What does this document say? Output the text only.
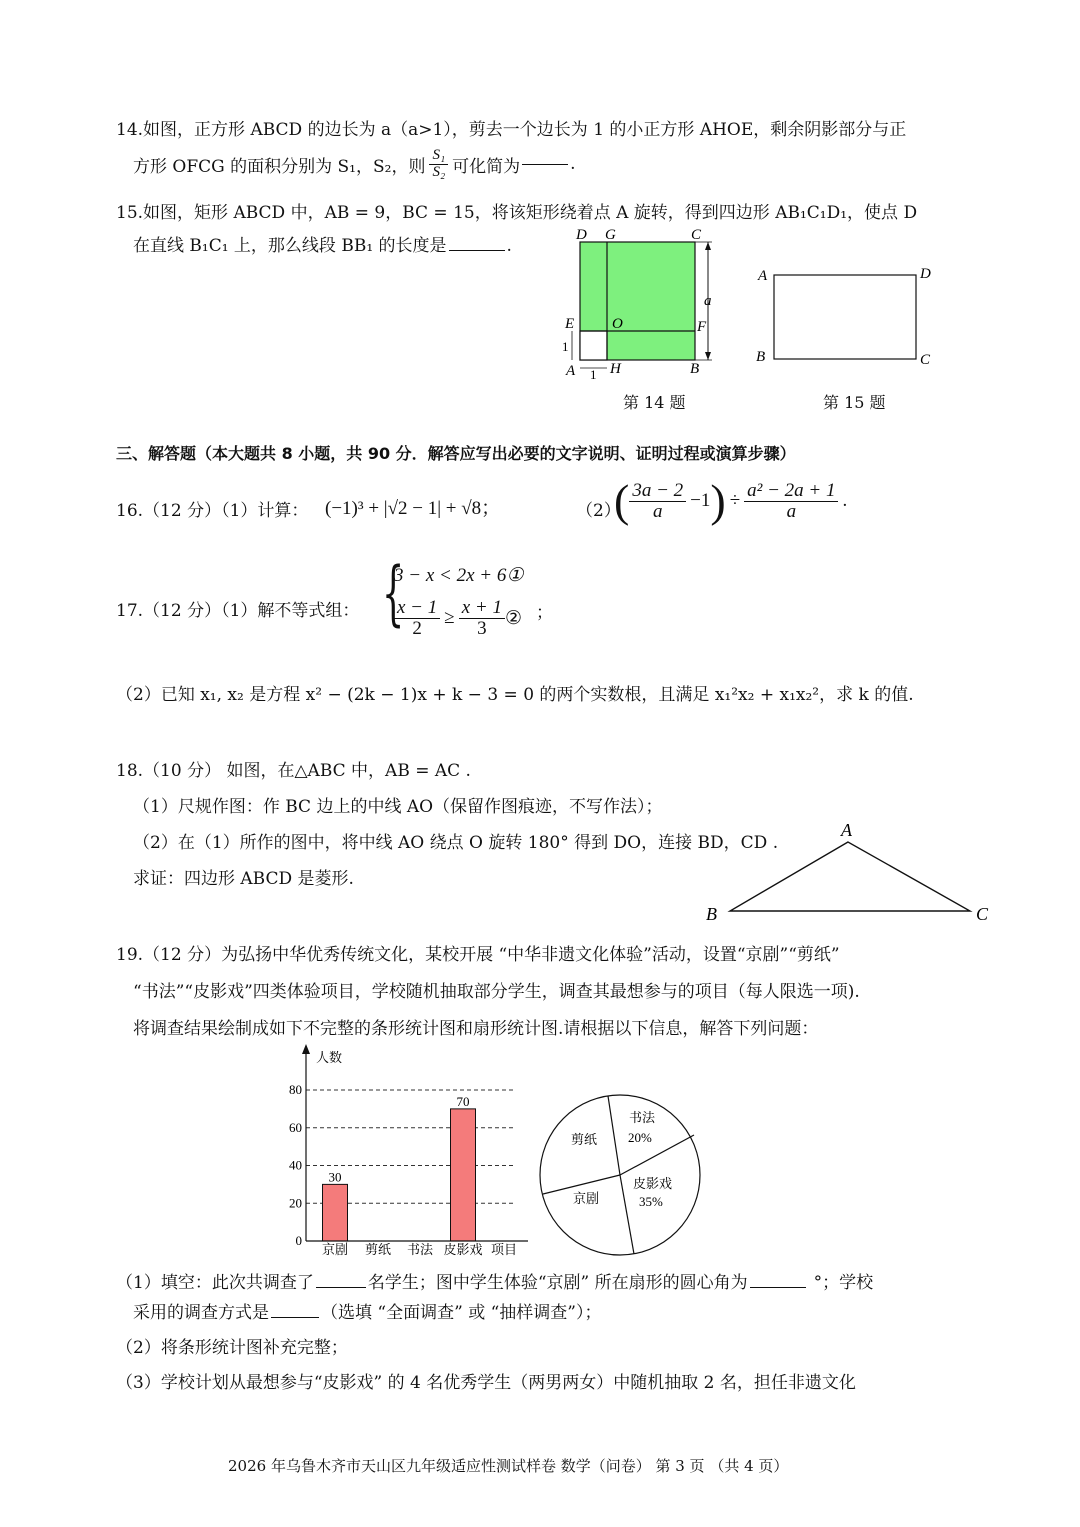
14.如图，正方形 ABCD 的边长为 a（a>1），剪去一个边长为 1 的小正方形 AHOE，剩余阴影部分与正
方形 OFCG 的面积分别为 S₁，S₂，则 $\frac{\text{S₁}}{\text{S₂}}$ 可化简为	.
15.如图，矩形 ABCD 中，AB = 9，BC = 15，将该矩形绕着点 A 旋转，得到四边形 AB₁C₁D₁，使点 D
在直线 B₁C₁ 上，那么线段 BB₁ 的长度是	.
D G	C
E	O	F
A H	B
a
1
1
第 14 题
A	D
B	C
第 15 题
三、解答题（本大题共 8 小题，共 90 分．解答应写出必要的文字说明、证明过程或演算步骤）
16.（12 分）（1）计算： (−1)³ + |√2 − 1| + √8；	（2）
( $\frac{3a - 2}{a} -1$ ) ÷ $\frac{\text{a² − 2a + 1}}{a}$ .
17.（12 分）（1）解不等式组： {
3 − x < 2x + 6①
$\frac{x - 1}{2} \ge \frac{x + 1}{3}$ ② ；
（2）已知 x₁, x₂ 是方程 x² − (2k − 1)x + k − 3 = 0 的两个实数根，且满足 x₁²x₂ + x₁x₂²，求 k 的值.
18.（10 分） 如图，在△ABC 中，AB = AC .
（1）尺规作图：作 BC 边上的中线 AO（保留作图痕迹，不写作法）；
（2）在（1）所作的图中，将中线 AO 绕点 O 旋转 180° 得到 DO，连接 BD，CD .
求证：四边形 ABCD 是菱形.
A
B	C
19.（12 分）为弘扬中华优秀传统文化，某校开展 “中华非遗文化体验”活动，设置“京剧”“剪纸”
“书法”“皮影戏”四类体验项目，学校随机抽取部分学生，调查其最想参与的项目（每人限选一项).
将调查结果绘制成如下不完整的条形统计图和扇形统计图.请根据以下信息，解答下列问题：
30
70
人数
项目
0
20
40
60
80
京剧 剪纸 书法 皮影戏
书法
20%
皮影戏
35%
京剧
剪纸
（1）填空：此次共调查了	名学生；图中学生体验“京剧” 所在扇形的圆心角为	°；学校
采用的调查方式是	（选填 “全面调查” 或 “抽样调查”）；
（2）将条形统计图补充完整；
（3）学校计划从最想参与“皮影戏” 的 4 名优秀学生（两男两女）中随机抽取 2 名，担任非遗文化
2026 年乌鲁木齐市天山区九年级适应性测试样卷 数学（问卷） 第 3 页 （共 4 页）
